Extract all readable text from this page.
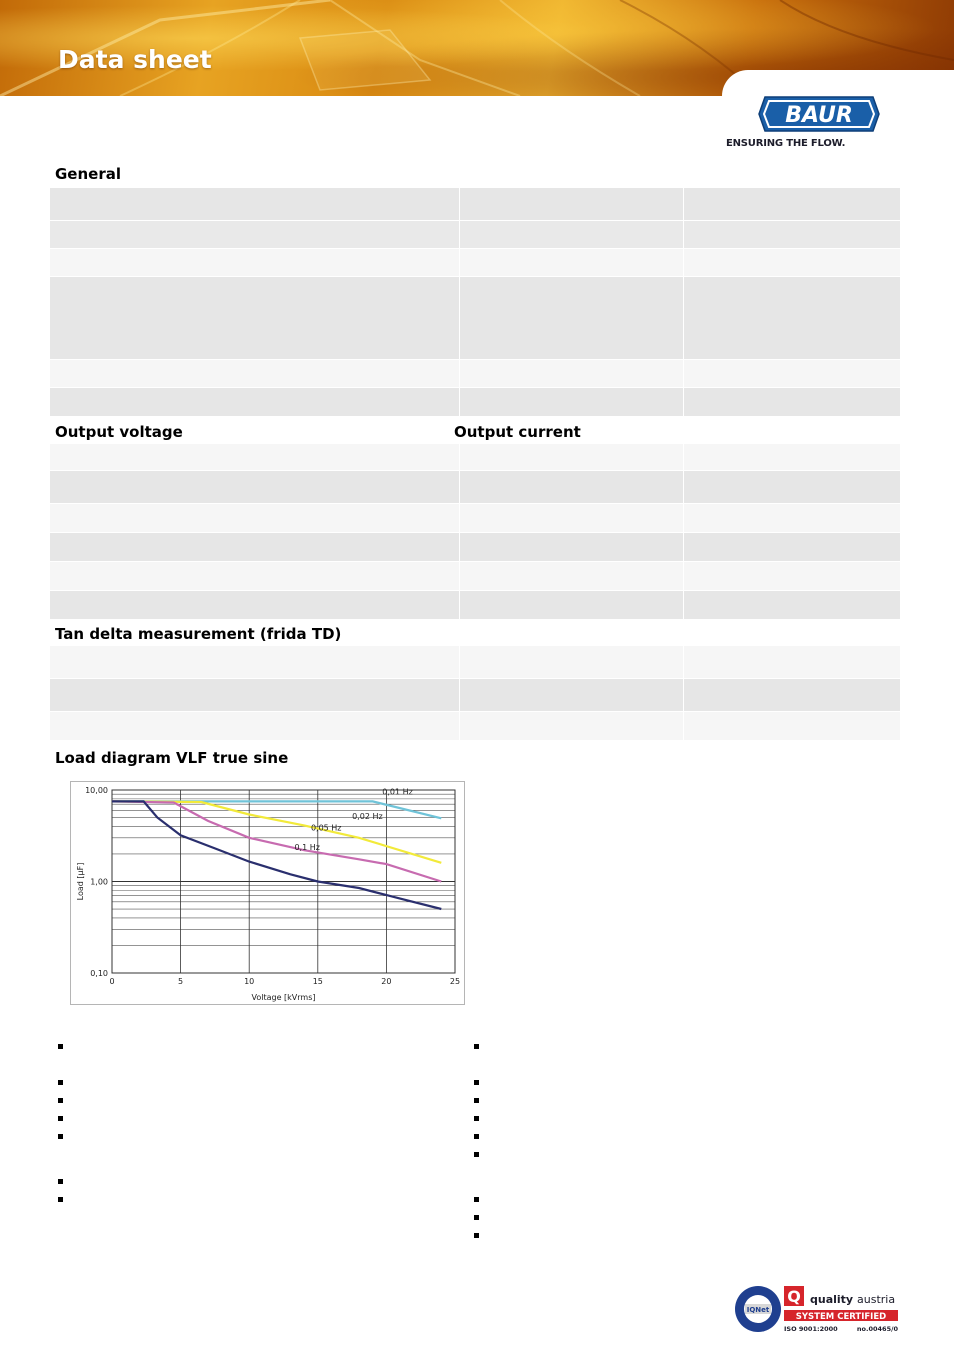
Data sheet
BAUR
ENSURING THE FLOW.
General
Output voltage	Output current
Tan delta measurement (frida TD)
Load diagram VLF true sine
0,01 Hz
0,02 Hz
0,05 Hz
0,1 Hz
0	5	10	15	20	25
10,00
1,00
0,10
Voltage [kVrms]
Load [µF]
IQNet
Q quality austria
SYSTEM CERTIFIED
ISO 9001:2000	no.00465/0
